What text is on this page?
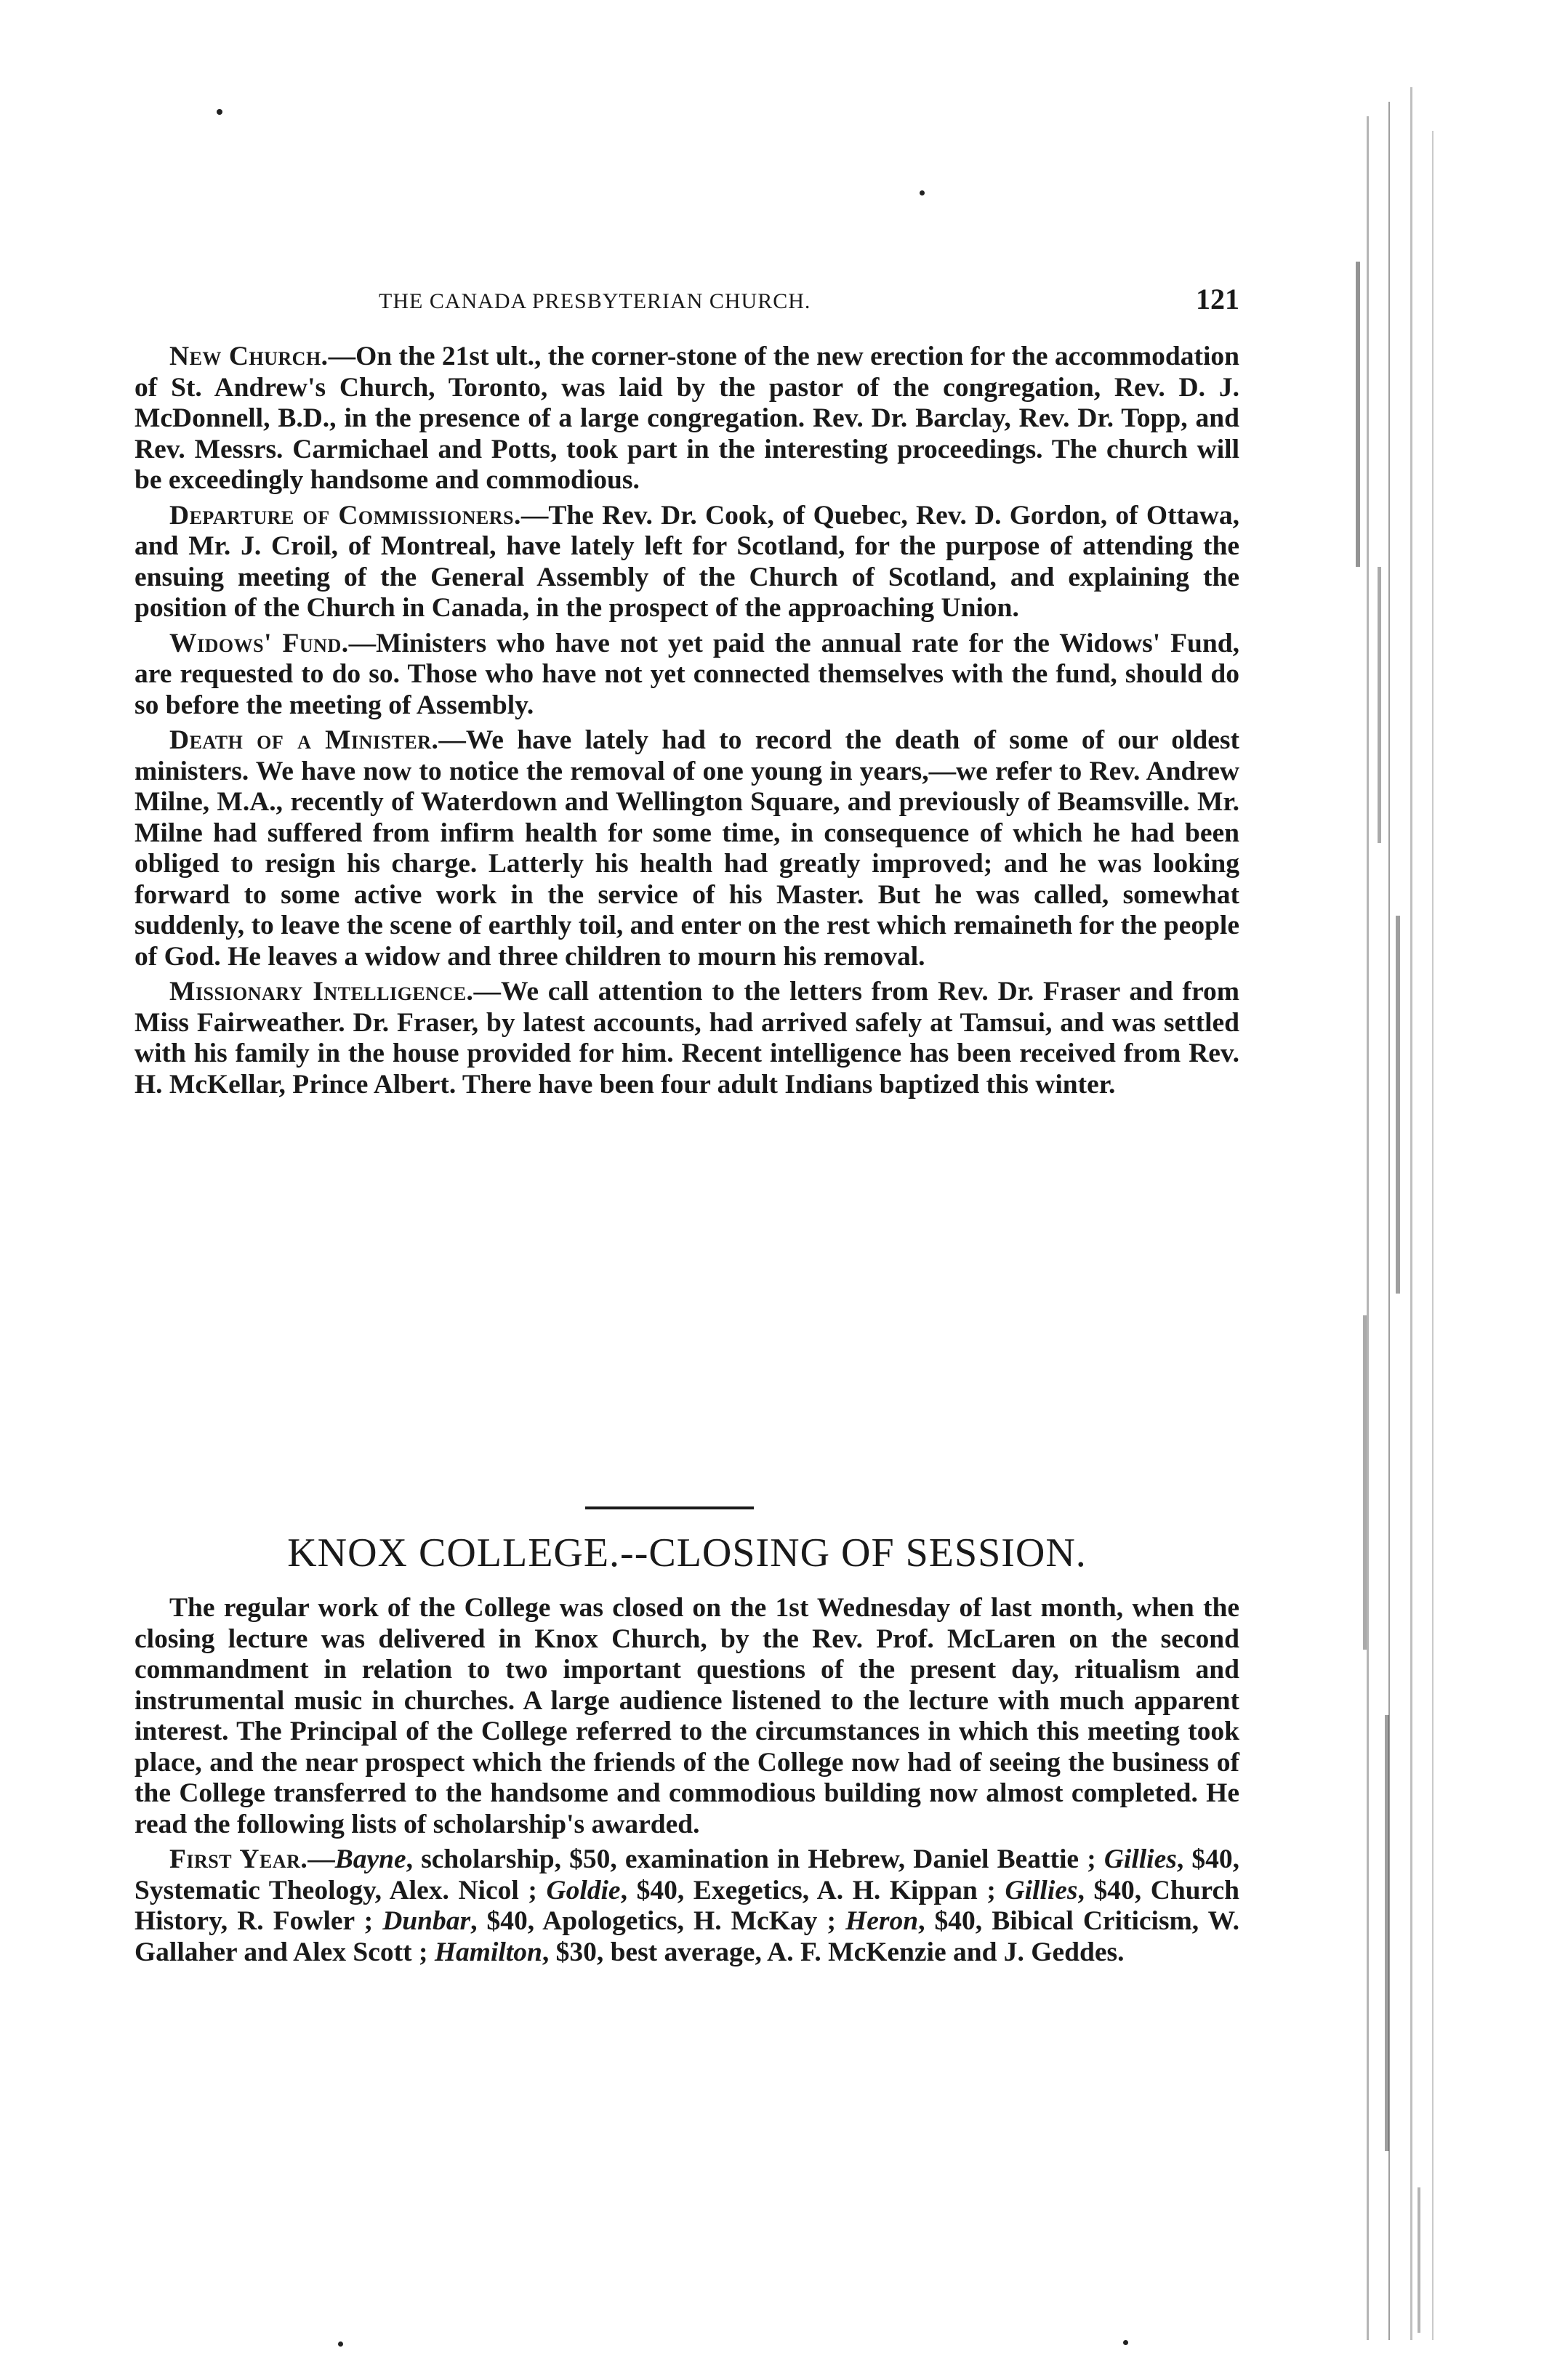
THE CANADA PRESBYTERIAN CHURCH.	121

New Church.—On the 21st ult., the corner-stone of the new erection for the accommodation of St. Andrew's Church, Toronto, was laid by the pastor of the congregation, Rev. D. J. McDonnell, B.D., in the presence of a large congregation. Rev. Dr. Barclay, Rev. Dr. Topp, and Rev. Messrs. Carmichael and Potts, took part in the interesting proceedings. The church will be exceedingly handsome and commodious.

Departure of Commissioners.—The Rev. Dr. Cook, of Quebec, Rev. D. Gordon, of Ottawa, and Mr. J. Croil, of Montreal, have lately left for Scotland, for the purpose of attending the ensuing meeting of the General Assembly of the Church of Scotland, and explaining the position of the Church in Canada, in the prospect of the approaching Union.

Widows' Fund.—Ministers who have not yet paid the annual rate for the Widows' Fund, are requested to do so. Those who have not yet connected themselves with the fund, should do so before the meeting of Assembly.

Death of a Minister.—We have lately had to record the death of some of our oldest ministers. We have now to notice the removal of one young in years,—we refer to Rev. Andrew Milne, M.A., recently of Waterdown and Wellington Square, and previously of Beamsville. Mr. Milne had suffered from infirm health for some time, in consequence of which he had been obliged to resign his charge. Latterly his health had greatly improved; and he was looking forward to some active work in the service of his Master. But he was called, somewhat suddenly, to leave the scene of earthly toil, and enter on the rest which remaineth for the people of God. He leaves a widow and three children to mourn his removal.

Missionary Intelligence.—We call attention to the letters from Rev. Dr. Fraser and from Miss Fairweather. Dr. Fraser, by latest accounts, had arrived safely at Tamsui, and was settled with his family in the house provided for him. Recent intelligence has been received from Rev. H. McKellar, Prince Albert. There have been four adult Indians baptized this winter.

KNOX COLLEGE.--CLOSING OF SESSION.

The regular work of the College was closed on the 1st Wednesday of last month, when the closing lecture was delivered in Knox Church, by the Rev. Prof. McLaren on the second commandment in relation to two important questions of the present day, ritualism and instrumental music in churches. A large audience listened to the lecture with much apparent interest. The Principal of the College referred to the circumstances in which this meeting took place, and the near prospect which the friends of the College now had of seeing the business of the College transferred to the handsome and commodious building now almost completed. He read the following lists of scholarship's awarded.

First Year.—Bayne, scholarship, $50, examination in Hebrew, Daniel Beattie ; Gillies, $40, Systematic Theology, Alex. Nicol ; Goldie, $40, Exegetics, A. H. Kippan ; Gillies, $40, Church History, R. Fowler ; Dunbar, $40, Apologetics, H. McKay ; Heron, $40, Bibical Criticism, W. Gallaher and Alex Scott ; Hamilton, $30, best average, A. F. McKenzie and J. Geddes.
